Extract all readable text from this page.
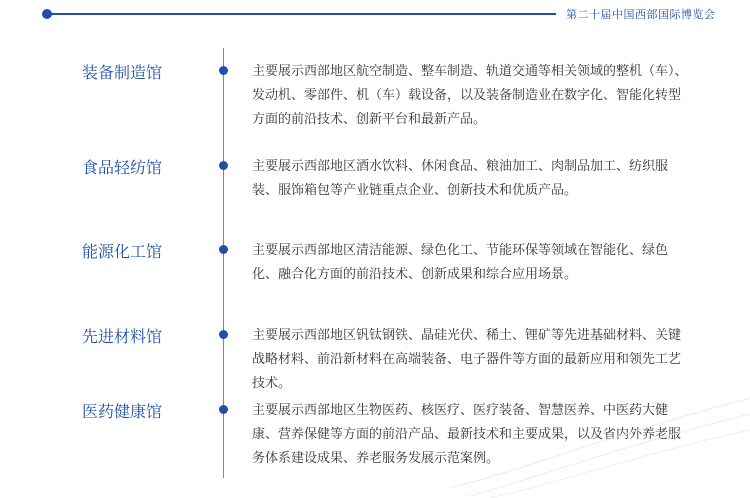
第二十届中国西部国际博览会
装备制造馆	主要展示西部地区航空制造、整车制造、轨道交通等相关领域的整机（车）、发动机、零部件、机（车）载设备，以及装备制造业在数字化、智能化转型方面的前沿技术、创新平台和最新产品。
食品轻纺馆	主要展示西部地区酒水饮料、休闲食品、粮油加工、肉制品加工、纺织服装、服饰箱包等产业链重点企业、创新技术和优质产品。
能源化工馆	主要展示西部地区清洁能源、绿色化工、节能环保等领域在智能化、绿色化、融合化方面的前沿技术、创新成果和综合应用场景。
先进材料馆	主要展示西部地区钒钛钢铁、晶硅光伏、稀土、锂矿等先进基础材料、关键战略材料、前沿新材料在高端装备、电子器件等方面的最新应用和领先工艺技术。
医药健康馆	主要展示西部地区生物医药、核医疗、医疗装备、智慧医养、中医药大健康、营养保健等方面的前沿产品、最新技术和主要成果，以及省内外养老服务体系建设成果、养老服务发展示范案例。
